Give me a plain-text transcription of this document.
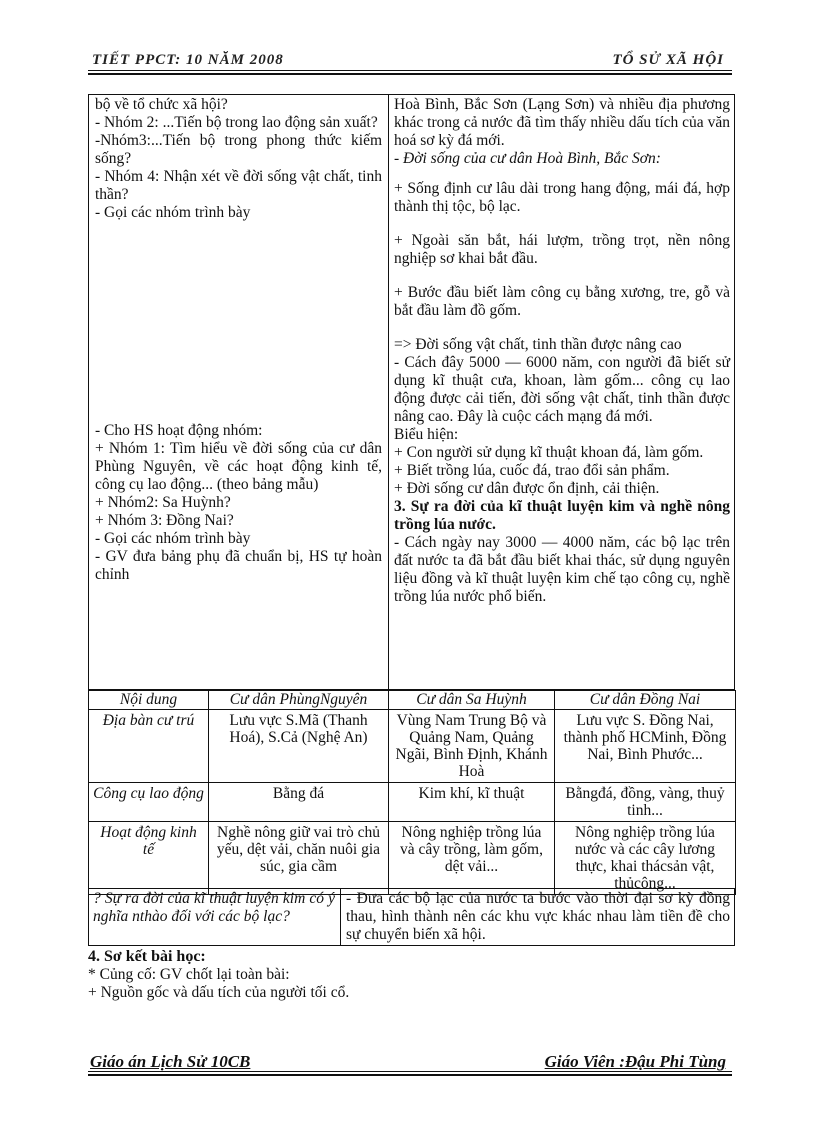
TIẾT PPCT: 10 NĂM 2008	TỔ SỬ XÃ HỘI
bộ về tổ chức xã hội?
- Nhóm 2: ...Tiến bộ trong lao động sản xuất?
-Nhóm3:...Tiến bộ trong phong thức kiếm sống?
- Nhóm 4: Nhận xét về đời sống vật chất, tinh thần?
- Gọi các nhóm trình bày
- Cho HS hoạt động nhóm:
+ Nhóm 1: Tìm hiểu về đời sống của cư dân Phùng Nguyên, về các hoạt động kinh tế, công cụ lao động... (theo bảng mẫu)
+ Nhóm2: Sa Huỳnh?
+ Nhóm 3: Đồng Nai?
- Gọi các nhóm trình bày
- GV đưa bảng phụ đã chuẩn bị, HS tự hoàn chỉnh
Hoà Bình, Bắc Sơn (Lạng Sơn) và nhiều địa phương khác trong cả nước đã tìm thấy nhiều dấu tích của văn hoá sơ kỳ đá mới.
- Đời sống của cư dân Hoà Bình, Bắc Sơn:
+ Sống định cư lâu dài trong hang động, mái đá, hợp thành thị tộc, bộ lạc.
+ Ngoài săn bắt, hái lượm, trồng trọt, nền nông nghiệp sơ khai bắt đầu.
+ Bước đầu biết làm công cụ bằng xương, tre, gỗ và bắt đầu làm đồ gốm.
=> Đời sống vật chất, tinh thần được nâng cao
- Cách đây 5000 — 6000 năm, con người đã biết sử dụng kĩ thuật cưa, khoan, làm gốm... công cụ lao động được cải tiến, đời sống vật chất, tinh thần được nâng cao. Đây là cuộc cách mạng đá mới.
Biểu hiện:
+ Con người sử dụng kĩ thuật khoan đá, làm gốm.
+ Biết trồng lúa, cuốc đá, trao đổi sản phẩm.
+ Đời sống cư dân được ổn định, cải thiện.
3. Sự ra đời của kĩ thuật luyện kim và nghề nông trồng lúa nước.
- Cách ngày nay 3000 — 4000 năm, các bộ lạc trên đất nước ta đã bắt đầu biết khai thác, sử dụng nguyên liệu đồng và kĩ thuật luyện kim chế tạo công cụ, nghề trồng lúa nước phổ biến.
Nội dung	Cư dân PhùngNguyên	Cư dân Sa Huỳnh	Cư dân Đồng Nai
Địa bàn cư trú	Lưu vực S.Mã (Thanh Hoá), S.Cả (Nghệ An)	Vùng Nam Trung Bộ và Quảng Nam, Quảng Ngãi, Bình Định, Khánh Hoà	Lưu vực S. Đồng Nai, thành phố HCMinh, Đồng Nai, Bình Phước...
Công cụ lao động	Bằng đá	Kim khí, kĩ thuật	Bằngđá, đồng, vàng, thuỷ tinh...
Hoạt động kinh tế	Nghề nông giữ vai trò chủ yếu, dệt vải, chăn nuôi gia súc, gia cầm	Nông nghiệp trồng lúa và cây trồng, làm gốm, dệt vải...	Nông nghiệp trồng lúa nước và các cây lương thực, khai thácsản vật, thủcông...
? Sự ra đời của kĩ thuật luyện kim có ý nghĩa nthào đối với các bộ lạc?
- Đưa các bộ lạc của nước ta bước vào thời đại sơ kỳ đồng thau, hình thành nên các khu vực khác nhau làm tiền đề cho sự chuyển biến xã hội.
4. Sơ kết bài học:
* Củng cố: GV chốt lại toàn bài:
+ Nguồn gốc và dấu tích của người tối cổ.
Giáo án Lịch Sử 10CB	Giáo Viên :Đậu Phi Tùng
